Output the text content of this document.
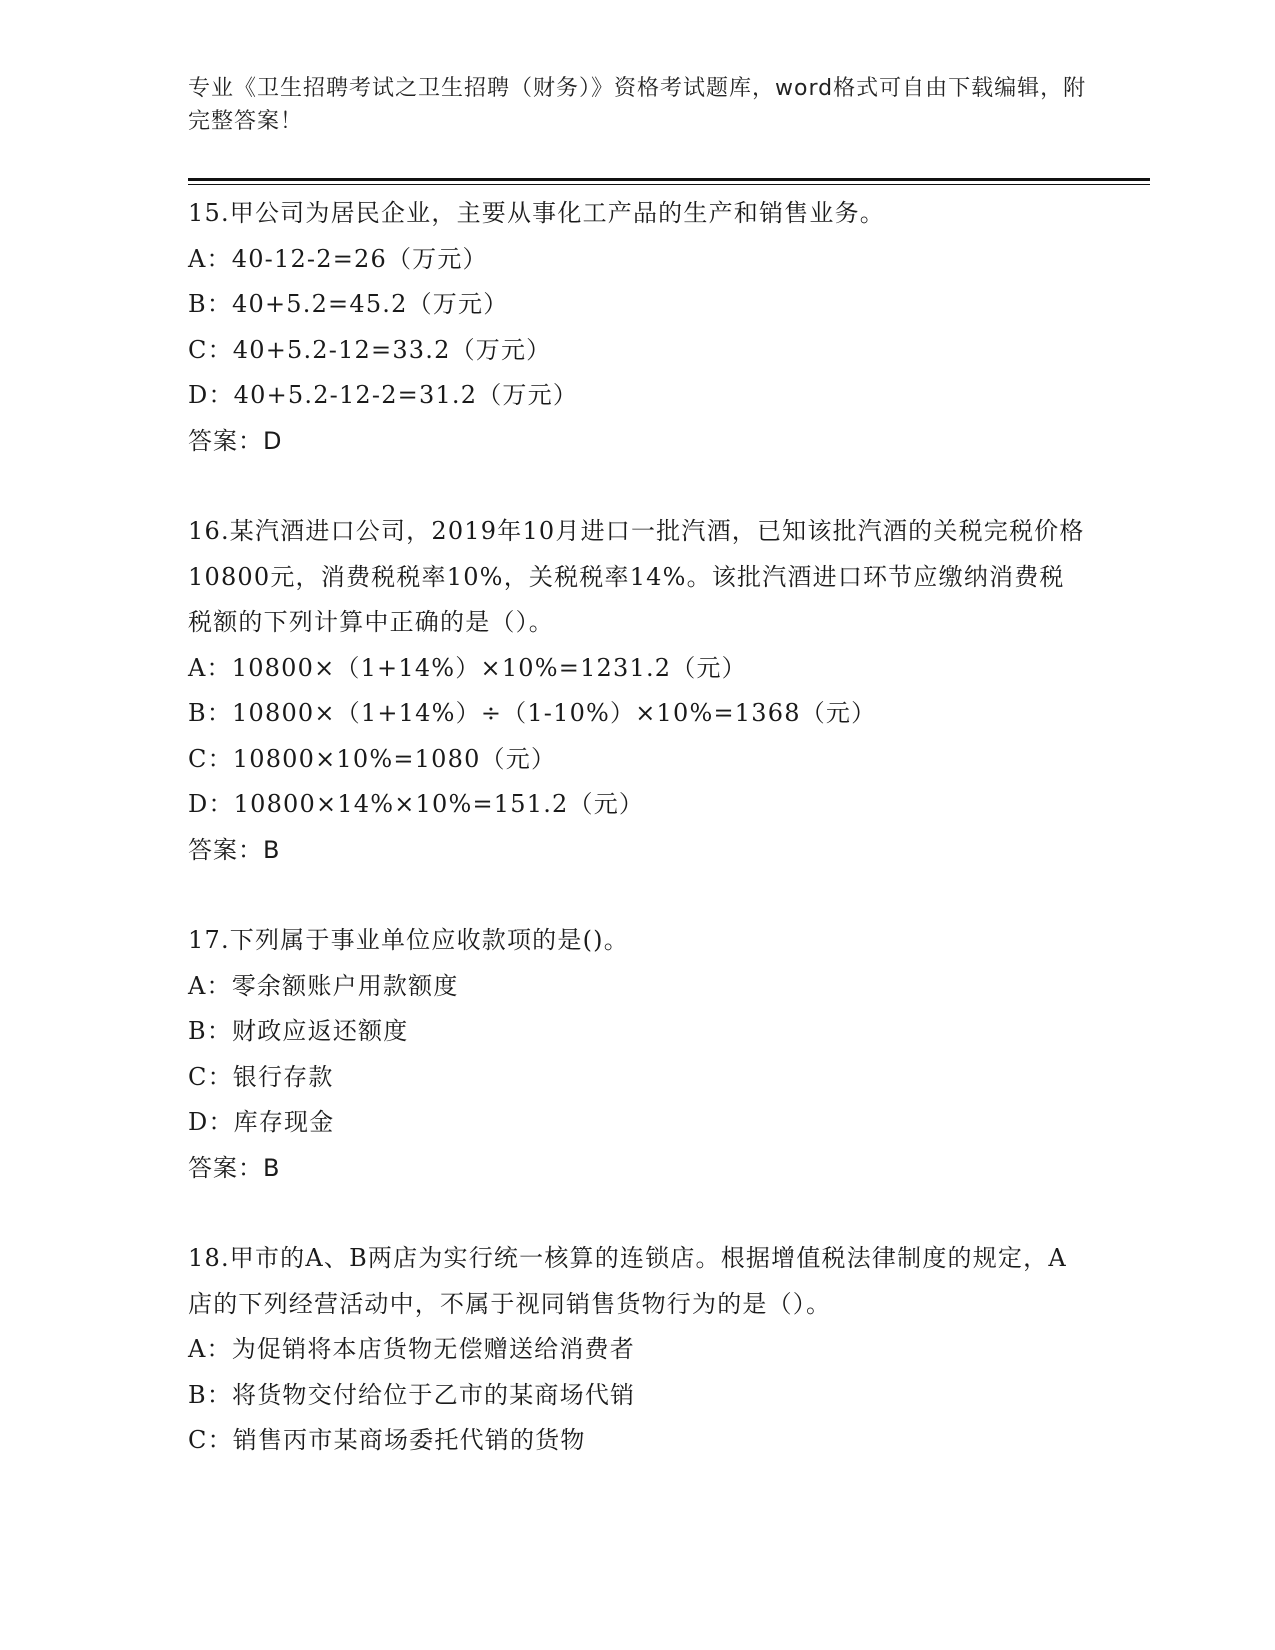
专业《卫生招聘考试之卫生招聘（财务）》资格考试题库，word格式可自由下载编辑，附完整答案！

15.甲公司为居民企业，主要从事化工产品的生产和销售业务。

A：40-12-2=26（万元）

B：40+5.2=45.2（万元）

C：40+5.2-12=33.2（万元）

D：40+5.2-12-2=31.2（万元）

答案：D

16.某汽酒进口公司，2019年10月进口一批汽酒，已知该批汽酒的关税完税价格10800元，消费税税率10%，关税税率14%。该批汽酒进口环节应缴纳消费税税额的下列计算中正确的是（）。

A：10800×（1+14%）×10%=1231.2（元）

B：10800×（1+14%）÷（1-10%）×10%=1368（元）

C：10800×10%=1080（元）

D：10800×14%×10%=151.2（元）

答案：B

17.下列属于事业单位应收款项的是()。

A：零余额账户用款额度

B：财政应返还额度

C：银行存款

D：库存现金

答案：B

18.甲市的A、B两店为实行统一核算的连锁店。根据增值税法律制度的规定，A店的下列经营活动中，不属于视同销售货物行为的是（）。

A：为促销将本店货物无偿赠送给消费者

B：将货物交付给位于乙市的某商场代销

C：销售丙市某商场委托代销的货物
